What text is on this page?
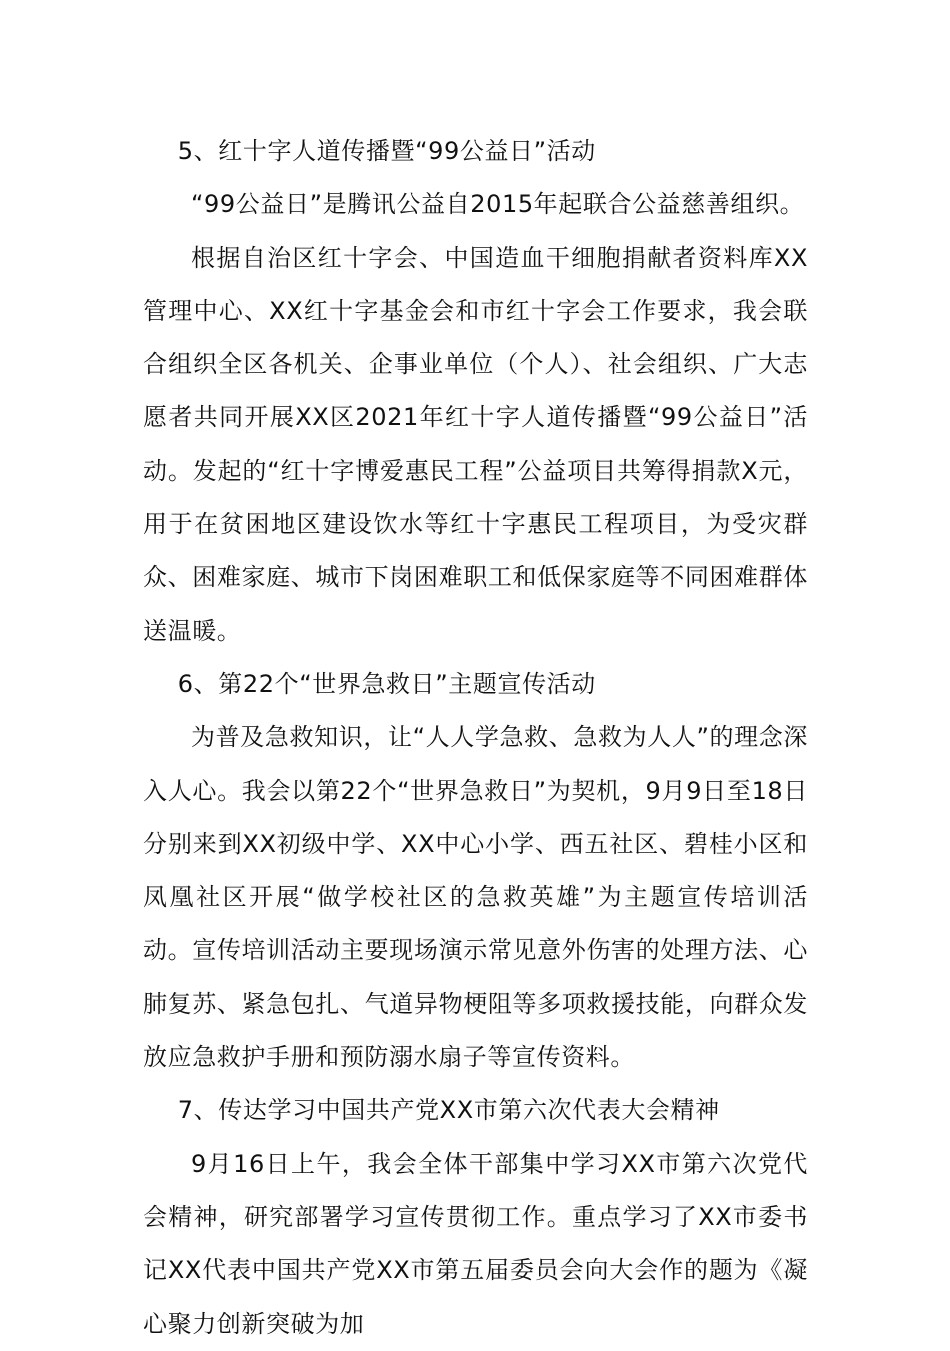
5、红十字人道传播暨“99公益日”活动

“99公益日”是腾讯公益自2015年起联合公益慈善组织。

根据自治区红十字会、中国造血干细胞捐献者资料库XX管理中心、XX红十字基金会和市红十字会工作要求，我会联合组织全区各机关、企事业单位（个人）、社会组织、广大志愿者共同开展XX区2021年红十字人道传播暨“99公益日”活动。发起的“红十字博爱惠民工程”公益项目共筹得捐款X元，用于在贫困地区建设饮水等红十字惠民工程项目，为受灾群众、困难家庭、城市下岗困难职工和低保家庭等不同困难群体送温暖。

6、第22个“世界急救日”主题宣传活动

为普及急救知识，让“人人学急救、急救为人人”的理念深入人心。我会以第22个“世界急救日”为契机，9月9日至18日分别来到XX初级中学、XX中心小学、西五社区、碧桂小区和凤凰社区开展“做学校社区的急救英雄”为主题宣传培训活动。宣传培训活动主要现场演示常见意外伤害的处理方法、心肺复苏、紧急包扎、气道异物梗阻等多项救援技能，向群众发放应急救护手册和预防溺水扇子等宣传资料。

7、传达学习中国共产党XX市第六次代表大会精神

9月16日上午，我会全体干部集中学习XX市第六次党代会精神，研究部署学习宣传贯彻工作。重点学习了XX市委书记XX代表中国共产党XX市第五届委员会向大会作的题为《凝心聚力创新突破为加
